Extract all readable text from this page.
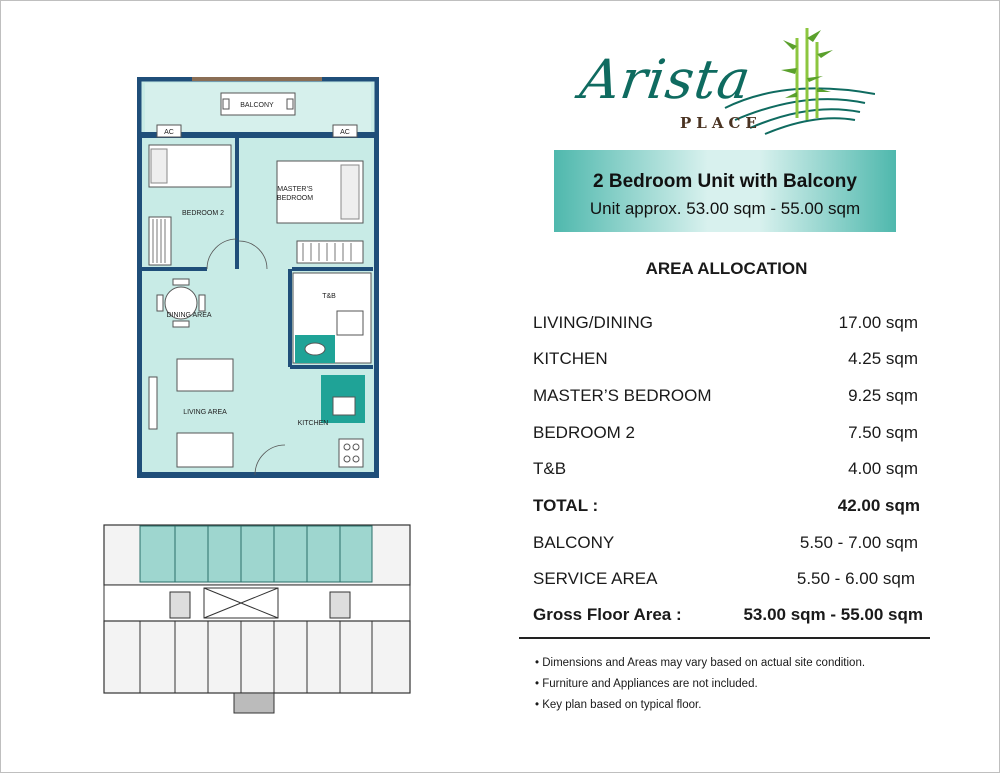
Arista
PLACE
2 Bedroom Unit with Balcony
Unit approx. 53.00 sqm - 55.00 sqm
AREA ALLOCATION
LIVING/DINING	17.00 sqm
KITCHEN	4.25 sqm
MASTER’S BEDROOM	9.25 sqm
BEDROOM 2	7.50 sqm
T&B	4.00 sqm
TOTAL :	42.00 sqm
BALCONY	5.50 - 7.00 sqm
SERVICE AREA	5.50 - 6.00 sqm
Gross Floor Area :	53.00 sqm - 55.00 sqm
• Dimensions and Areas may vary based on actual site condition.
• Furniture and Appliances are not included.
• Key plan based on typical floor.
AC	AC
BALCONY
BEDROOM 2
MASTER’S
BEDROOM
T&B
DINING AREA
LIVING AREA
KITCHEN
